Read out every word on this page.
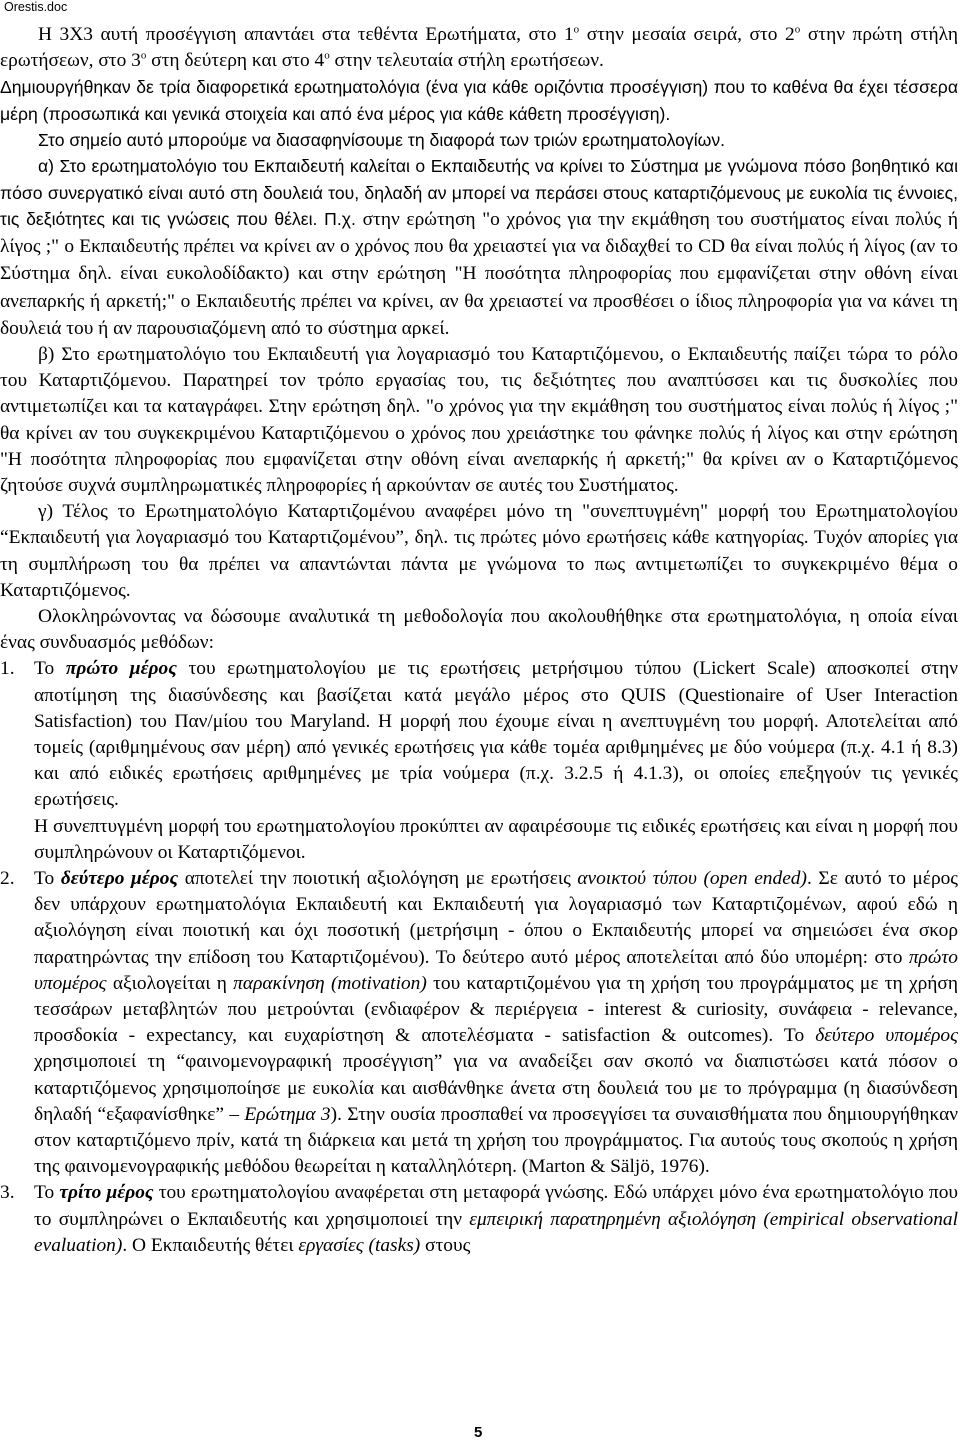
Orestis.doc

Η 3Χ3 αυτή προσέγγιση απαντάει στα τεθέντα Ερωτήματα, στο $1^o$ στην μεσαία σειρά, στο $2^o$ στην πρώτη στήλη ερωτήσεων, στο $3^o$ στη δεύτερη και στο $4^o$ στην τελευταία στήλη ερωτήσεων.

Δημιουργήθηκαν δε τρία διαφορετικά ερωτηματολόγια (ένα για κάθε οριζόντια προσέγγιση) που το καθένα θα έχει τέσσερα μέρη (προσωπικά και γενικά στοιχεία και από ένα μέρος για κάθε κάθετη προσέγγιση).

Στο σημείο αυτό μπορούμε να διασαφηνίσουμε τη διαφορά των τριών ερωτηματολογίων.

α) Στο ερωτηματολόγιο του Εκπαιδευτή καλείται ο Εκπαιδευτής να κρίνει το Σύστημα με γνώμονα πόσο βοηθητικό και πόσο συνεργατικό είναι αυτό στη δουλειά του, δηλαδή αν μπορεί να περάσει στους καταρτιζόμενους με ευκολία τις έννοιες, τις δεξιότητες και τις γνώσεις που θέλει. Π.χ. στην ερώτηση "ο χρόνος για την εκμάθηση του συστήματος είναι πολύς ή λίγος ;" ο Εκπαιδευτής πρέπει να κρίνει αν ο χρόνος που θα χρειαστεί για να διδαχθεί το CD θα είναι πολύς ή λίγος (αν το Σύστημα δηλ. είναι ευκολοδίδακτο) και στην ερώτηση "Η ποσότητα πληροφορίας που εμφανίζεται στην οθόνη είναι ανεπαρκής ή αρκετή;" ο Εκπαιδευτής πρέπει να κρίνει, αν θα χρειαστεί να προσθέσει ο ίδιος πληροφορία για να κάνει τη δουλειά του ή αν παρουσιαζόμενη από το σύστημα αρκεί.

β) Στο ερωτηματολόγιο του Εκπαιδευτή για λογαριασμό του Καταρτιζόμενου, ο Εκπαιδευτής παίζει τώρα το ρόλο του Καταρτιζόμενου. Παρατηρεί τον τρόπο εργασίας του, τις δεξιότητες που αναπτύσσει και τις δυσκολίες που αντιμετωπίζει και τα καταγράφει. Στην ερώτηση δηλ. "ο χρόνος για την εκμάθηση του συστήματος είναι πολύς ή λίγος ;" θα κρίνει αν του συγκεκριμένου Καταρτιζόμενου ο χρόνος που χρειάστηκε του φάνηκε πολύς ή λίγος και στην ερώτηση "Η ποσότητα πληροφορίας που εμφανίζεται στην οθόνη είναι ανεπαρκής ή αρκετή;" θα κρίνει αν ο Καταρτιζόμενος ζητούσε συχνά συμπληρωματικές πληροφορίες ή αρκούνταν σε αυτές του Συστήματος.

γ) Τέλος το Ερωτηματολόγιο Καταρτιζομένου αναφέρει μόνο τη "συνεπτυγμένη" μορφή του Ερωτηματολογίου “Εκπαιδευτή για λογαριασμό του Καταρτιζομένου”, δηλ. τις πρώτες μόνο ερωτήσεις κάθε κατηγορίας. Τυχόν απορίες για τη συμπλήρωση του θα πρέπει να απαντώνται πάντα με γνώμονα το πως αντιμετωπίζει το συγκεκριμένο θέμα ο Καταρτιζόμενος.

Ολοκληρώνοντας να δώσουμε αναλυτικά τη μεθοδολογία που ακολουθήθηκε στα ερωτηματολόγια, η οποία είναι ένας συνδυασμός μεθόδων:

1. Το πρώτο μέρος του ερωτηματολογίου με τις ερωτήσεις μετρήσιμου τύπου (Lickert Scale) αποσκοπεί στην αποτίμηση της διασύνδεσης και βασίζεται κατά μεγάλο μέρος στο QUIS (Questionaire of User Interaction Satisfaction) του Παν/μίου του Maryland. Η μορφή που έχουμε είναι η ανεπτυγμένη του μορφή. Αποτελείται από τομείς (αριθμημένους σαν μέρη) από γενικές ερωτήσεις για κάθε τομέα αριθμημένες με δύο νούμερα (π.χ. 4.1 ή 8.3) και από ειδικές ερωτήσεις αριθμημένες με τρία νούμερα (π.χ. 3.2.5 ή 4.1.3), οι οποίες επεξηγούν τις γενικές ερωτήσεις.

Η συνεπτυγμένη μορφή του ερωτηματολογίου προκύπτει αν αφαιρέσουμε τις ειδικές ερωτήσεις και είναι η μορφή που συμπληρώνουν οι Καταρτιζόμενοι.

2. Το δεύτερο μέρος αποτελεί την ποιοτική αξιολόγηση με ερωτήσεις ανοικτού τύπου (open ended). Σε αυτό το μέρος δεν υπάρχουν ερωτηματολόγια Εκπαιδευτή και Εκπαιδευτή για λογαριασμό των Καταρτιζομένων, αφού εδώ η αξιολόγηση είναι ποιοτική και όχι ποσοτική (μετρήσιμη - όπου ο Εκπαιδευτής μπορεί να σημειώσει ένα σκορ παρατηρώντας την επίδοση του Καταρτιζομένου). Το δεύτερο αυτό μέρος αποτελείται από δύο υπομέρη: στο πρώτο υπομέρος αξιολογείται η παρακίνηση (motivation) του καταρτιζομένου για τη χρήση του προγράμματος με τη χρήση τεσσάρων μεταβλητών που μετρούνται (ενδιαφέρον & περιέργεια - interest & curiosity, συνάφεια - relevance, προσδοκία - expectancy, και ευχαρίστηση & αποτελέσματα - satisfaction & outcomes). Το δεύτερο υπομέρος χρησιμοποιεί τη “φαινομενογραφική προσέγγιση” για να αναδείξει σαν σκοπό να διαπιστώσει κατά πόσον ο καταρτιζόμενος χρησιμοποίησε με ευκολία και αισθάνθηκε άνετα στη δουλειά του με το πρόγραμμα (η διασύνδεση δηλαδή “εξαφανίσθηκε” – Ερώτημα 3). Στην ουσία προσπαθεί να προσεγγίσει τα συναισθήματα που δημιουργήθηκαν στον καταρτιζόμενο πρίν, κατά τη διάρκεια και μετά τη χρήση του προγράμματος. Για αυτούς τους σκοπούς η χρήση της φαινομενογραφικής μεθόδου θεωρείται η καταλληλότερη. (Marton & Säljö, 1976).

3. Το τρίτο μέρος του ερωτηματολογίου αναφέρεται στη μεταφορά γνώσης. Εδώ υπάρχει μόνο ένα ερωτηματολόγιο που το συμπληρώνει ο Εκπαιδευτής και χρησιμοποιεί την εμπειρική παρατηρημένη αξιολόγηση (empirical observational evaluation). Ο Εκπαιδευτής θέτει εργασίες (tasks) στους

5
